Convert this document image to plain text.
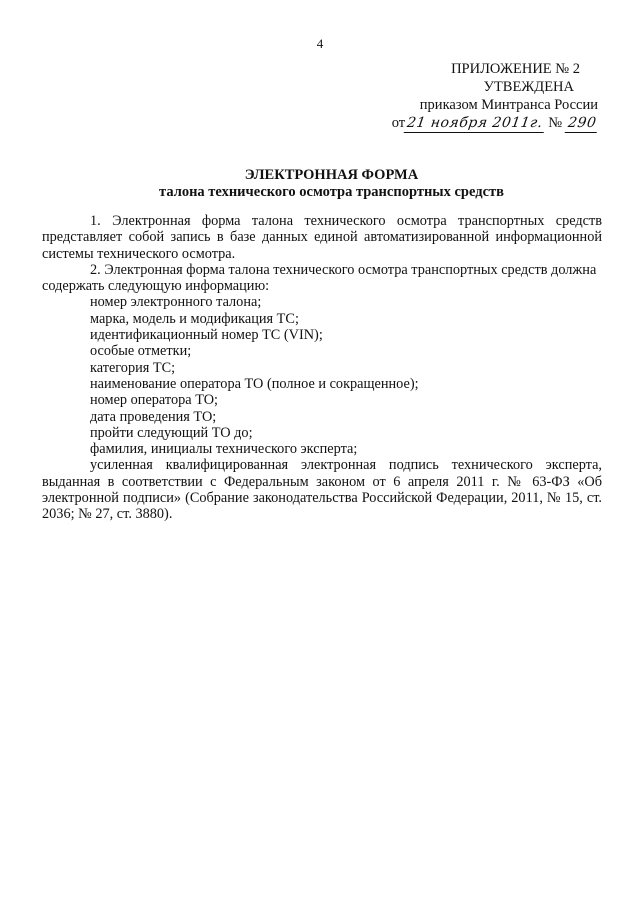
4
ПРИЛОЖЕНИЕ № 2
УТВЕЖДЕНА
приказом Минтранса России
от21 ноября 2011г. № 290
ЭЛЕКТРОННАЯ ФОРМА
талона технического осмотра транспортных средств

1. Электронная форма талона технического осмотра транспортных средств представляет собой запись в базе данных единой автоматизированной информационной системы технического осмотра.

2. Электронная форма талона технического осмотра транспортных средств должна содержать следующую информацию:

номер электронного талона;

марка, модель и модификация ТС;

идентификационный номер ТС (VIN);

особые отметки;

категория ТС;

наименование оператора ТО (полное и сокращенное);

номер оператора ТО;

дата проведения ТО;

пройти следующий ТО до;

фамилия, инициалы технического эксперта;

усиленная квалифицированная электронная подпись технического эксперта, выданная в соответствии с Федеральным законом от 6 апреля 2011 г. № 63-ФЗ «Об электронной подписи» (Собрание законодательства Российской Федерации, 2011, № 15, ст. 2036; № 27, ст. 3880).
